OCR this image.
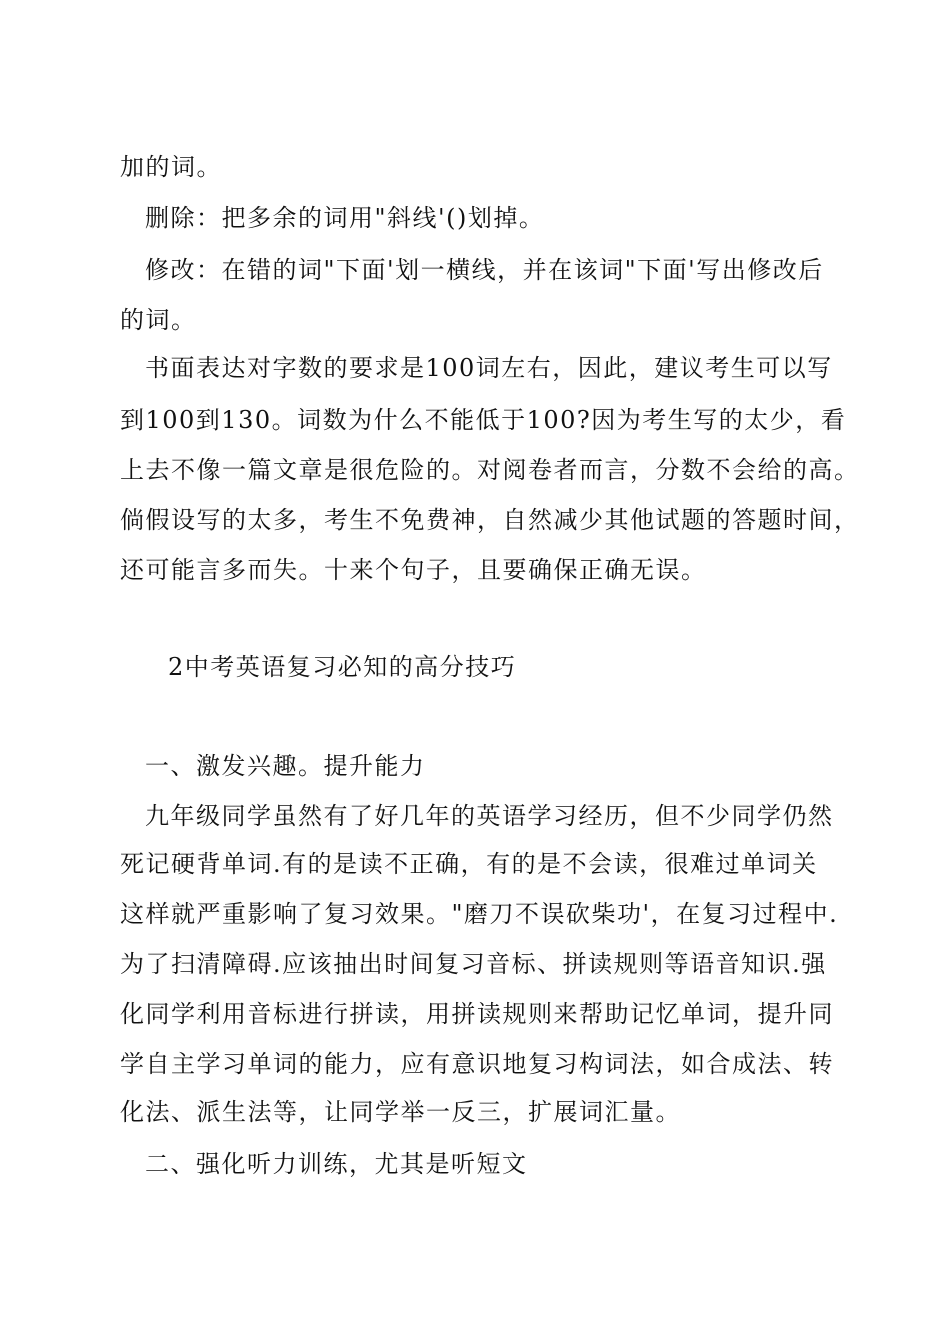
加的词。
删除：把多余的词用"斜线'()划掉。
修改：在错的词"下面'划一横线，并在该词"下面'写出修改后
的词。
书面表达对字数的要求是100词左右，因此，建议考生可以写
到100到130。词数为什么不能低于100?因为考生写的太少，看
上去不像一篇文章是很危险的。对阅卷者而言，分数不会给的高。
倘假设写的太多，考生不免费神，自然减少其他试题的答题时间，
还可能言多而失。十来个句子，且要确保正确无误。
2中考英语复习必知的高分技巧
一、激发兴趣。提升能力
九年级同学虽然有了好几年的英语学习经历，但不少同学仍然
死记硬背单词.有的是读不正确，有的是不会读，很难过单词关
这样就严重影响了复习效果。"磨刀不误砍柴功'，在复习过程中.
为了扫清障碍.应该抽出时间复习音标、拼读规则等语音知识.强
化同学利用音标进行拼读，用拼读规则来帮助记忆单词，提升同
学自主学习单词的能力，应有意识地复习构词法，如合成法、转
化法、派生法等，让同学举一反三，扩展词汇量。
二、强化听力训练，尤其是听短文
